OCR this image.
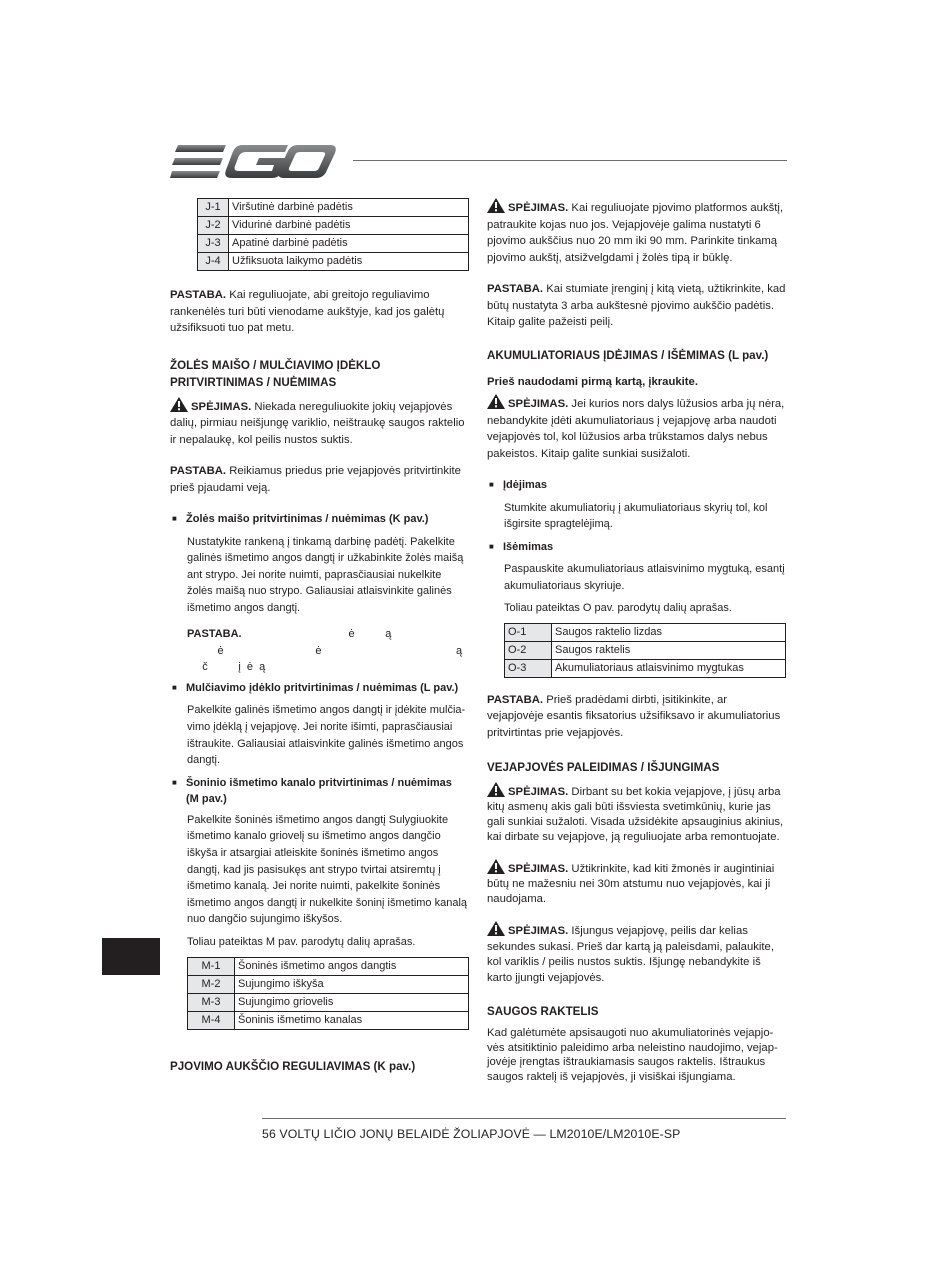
J-1	Viršutinė darbinė padėtis
J-2	Vidurinė darbinė padėtis
J-3	Apatinė darbinė padėtis
J-4	Užfiksuota laikymo padėtis

PASTABA. Kai reguliuojate, abi greitojo reguliavimo rankenėlės turi būti vienodame aukštyje, kad jos galėtų užsifiksuoti tuo pat metu.

ŽOLĖS MAIŠO / MULČIAVIMO ĮDĖKLO
PRITVIRTINIMAS / NUĖMIMAS

SPĖJIMAS. Niekada nereguliuokite jokių vejapjovės dalių, pirmiau neišjungę variklio, neištraukę saugos raktelio ir nepalaukę, kol peilis nustos suktis.

PASTABA. Reikiamus priedus prie vejapjovės pritvirtinkite prieš pjaudami veją.

■ Žolės maišo pritvirtinimas / nuėmimas (K pav.)

Nustatykite rankeną į tinkamą darbinę padėtį. Pakelkite galinės išmetimo angos dangtį ir užkabinkite žolės maišą ant strypo. Jei norite nuimti, paprasčiausiai nukelkite žolės maišą nuo strypo. Galiausiai atlaisvinkite galinės išmetimo angos dangtį.

PASTABA.                                   ė          ą
ė                              ė                                            ą
č          į  ė  ą
■ Mulčiavimo įdėklo pritvirtinimas / nuėmimas (L pav.)

Pakelkite galinės išmetimo angos dangtį ir įdėkite mulčia-vimo įdėklą į vejapjovę. Jei norite išimti, paprasčiausiai ištraukite. Galiausiai atlaisvinkite galinės išmetimo angos dangtį.

■ Šoninio išmetimo kanalo pritvirtinimas / nuėmimas
(M pav.)

Pakelkite šoninės išmetimo angos dangtį Sulygiuokite išmetimo kanalo griovelį su išmetimo angos dangčio iškyša ir atsargiai atleiskite šoninės išmetimo angos dangtį, kad jis pasisukęs ant strypo tvirtai atsiremtų į išmetimo kanalą. Jei norite nuimti, pakelkite šoninės išmetimo angos dangtį ir nukelkite šoninį išmetimo kanalą nuo dangčio sujungimo iškyšos.

Toliau pateiktas M pav. parodytų dalių aprašas.

M-1	Šoninės išmetimo angos dangtis
M-2	Sujungimo iškyša
M-3	Sujungimo griovelis
M-4	Šoninis išmetimo kanalas
PJOVIMO AUKŠČIO REGULIAVIMAS (K pav.)

SPĖJIMAS. Kai reguliuojate pjovimo platformos aukštį, patraukite kojas nuo jos. Vejapjovėje galima nustatyti 6 pjovimo aukščius nuo 20 mm iki 90 mm. Parinkite tinkamą pjovimo aukštį, atsižvelgdami į žolės tipą ir būklę.

PASTABA. Kai stumiate įrenginį į kitą vietą, užtikrinkite, kad būtų nustatyta 3 arba aukštesnė pjovimo aukščio padėtis. Kitaip galite pažeisti peilį.

AKUMULIATORIAUS ĮDĖJIMAS / IŠĖMIMAS (L pav.)
Prieš naudodami pirmą kartą, įkraukite.

SPĖJIMAS. Jei kurios nors dalys lūžusios arba jų nėra, nebandykite įdėti akumuliatoriaus į vejapjovę arba naudoti vejapjovės tol, kol lūžusios arba trūkstamos dalys nebus pakeistos. Kitaip galite sunkiai susižaloti.

■ Įdėjimas

Stumkite akumuliatorių į akumuliatoriaus skyrių tol, kol išgirsite spragtelėjimą.

■ Išėmimas

Paspauskite akumuliatoriaus atlaisvinimo mygtuką, esantį akumuliatoriaus skyriuje.

Toliau pateiktas O pav. parodytų dalių aprašas.

O-1	Saugos raktelio lizdas
O-2	Saugos raktelis
O-3	Akumuliatoriaus atlaisvinimo mygtukas

PASTABA. Prieš pradėdami dirbti, įsitikinkite, ar vejapjovėje esantis fiksatorius užsifiksavo ir akumuliatorius pritvirtintas prie vejapjovės.

VEJAPJOVĖS PALEIDIMAS / IŠJUNGIMAS

SPĖJIMAS. Dirbant su bet kokia vejapjove, į jūsų arba kitų asmenų akis gali būti išsviesta svetimkūnių, kurie jas gali sunkiai sužaloti. Visada užsidėkite apsauginius akinius, kai dirbate su vejapjove, ją reguliuojate arba remontuojate.

SPĖJIMAS. Užtikrinkite, kad kiti žmonės ir augintiniai būtų ne mažesniu nei 30m atstumu nuo vejapjovės, kai ji naudojama.

SPĖJIMAS. Išjungus vejapjovę, peilis dar kelias sekundes sukasi. Prieš dar kartą ją paleisdami, palaukite, kol variklis / peilis nustos suktis. Išjungę nebandykite iš karto įjungti vejapjovės.

SAUGOS RAKTELIS

Kad galėtumėte apsisaugoti nuo akumuliatorinės vejapjo-vės atsitiktinio paleidimo arba neleistino naudojimo, vejap-jovėje įrengtas ištraukiamasis saugos raktelis. Ištraukus saugos raktelį iš vejapjovės, ji visiškai išjungiama.

56 VOLTŲ LIČIO JONŲ BELAIDĖ ŽOLIAPJOVĖ — LM2010E/LM2010E-SP
